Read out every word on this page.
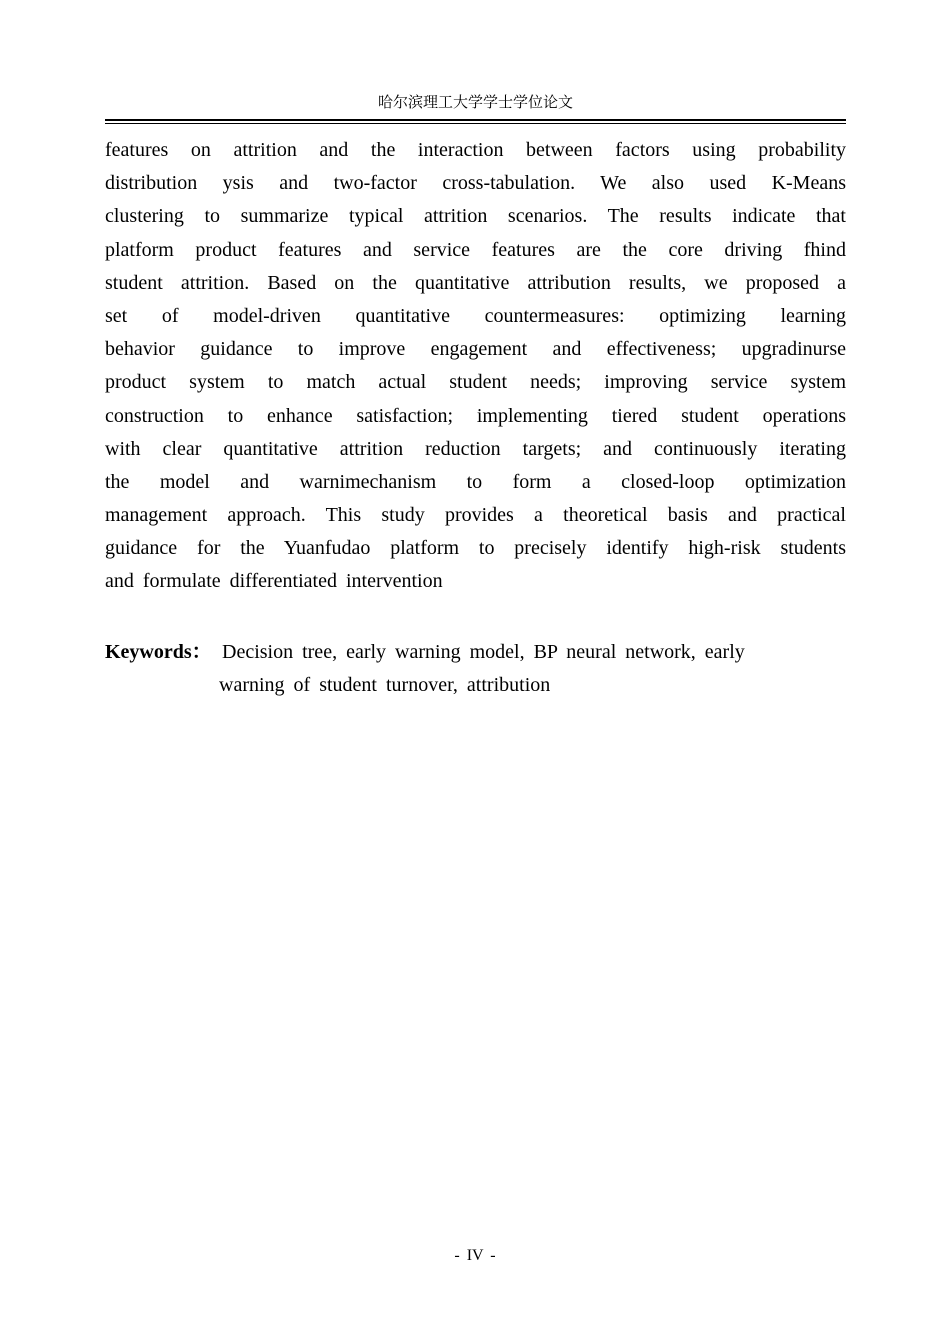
哈尔滨理工大学学士学位论文
features on attrition and the interaction between factors using probability
distribution ysis and two-factor cross-tabulation. We also used K-Means
clustering to summarize typical attrition scenarios. The results indicate that
platform product features and service features are the core driving fhind
student attrition. Based on the quantitative attribution results, we proposed a
set of model-driven quantitative countermeasures: optimizing learning
behavior guidance to improve engagement and effectiveness; upgradinurse
product system to match actual student needs; improving service system
construction to enhance satisfaction; implementing tiered student operations
with clear quantitative attrition reduction targets; and continuously iterating
the model and warnimechanism to form a closed-loop optimization
management approach. This study provides a theoretical basis and practical
guidance for the Yuanfudao platform to precisely identify high-risk students
and formulate differentiated intervention
Keywords： Decision tree, early warning model, BP neural network, early
warning of student turnover, attribution
- IV -
